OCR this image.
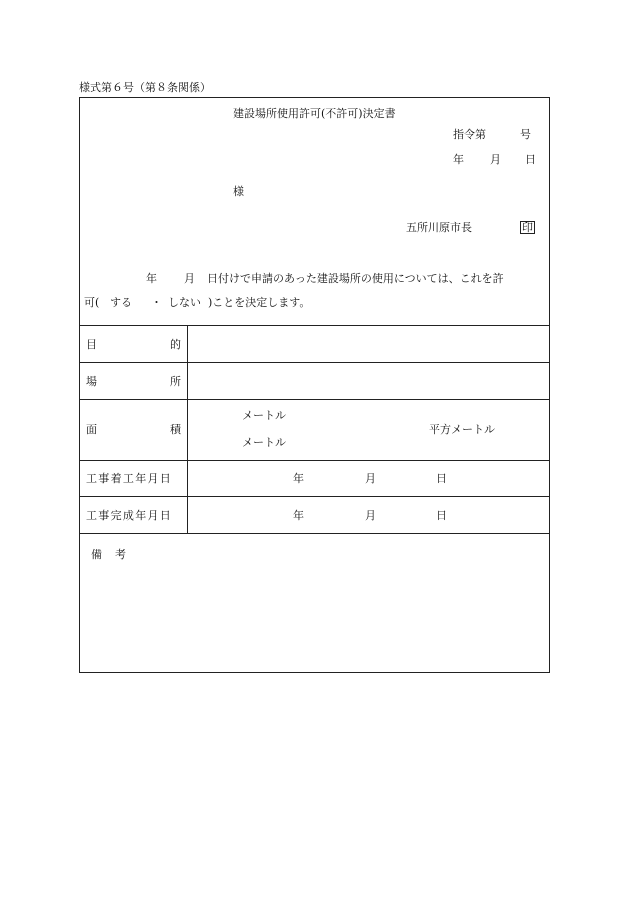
様式第６号（第８条関係）
建設場所使用許可(不許可)決定書
指令第	号
年 月 日
様
五所川原市長	印
年 月 日付けで申請のあった建設場所の使用については、これを許
可( する ・ しない )ことを決定します。
目	的
場	所
面	積
メートル
メートル
平方メートル
工事着工年月日	年	月	日
工事完成年月日	年	月	日
備 考
